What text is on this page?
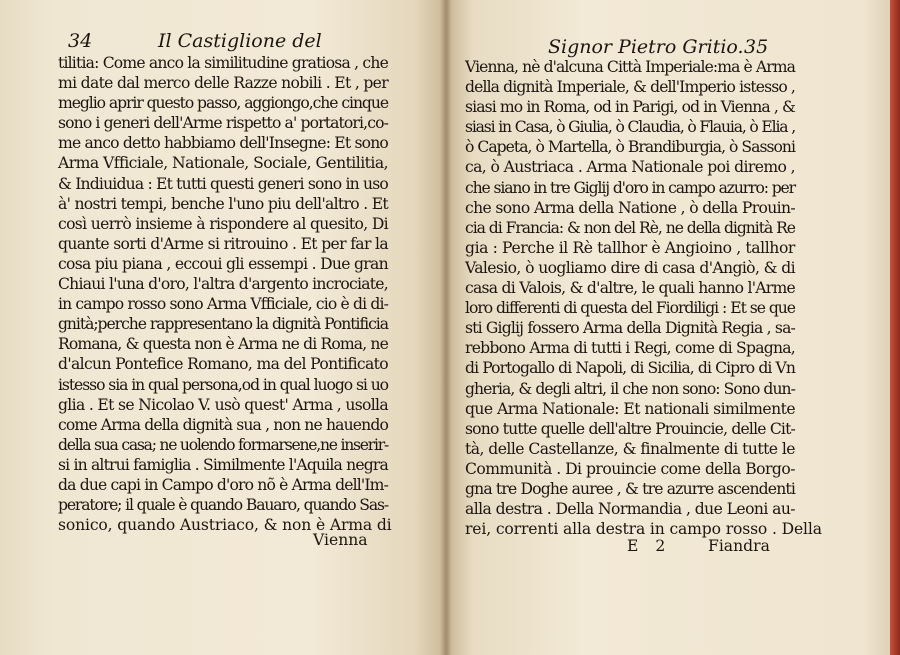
34	Il Castiglione del
tilitia: Come anco la similitudine gratiosa , che
mi date dal merco delle Razze nobili . Et , per
meglio aprir questo passo, aggiongo,che cinque
sono i generi dell'Arme rispetto a' portatori,co-
me anco detto habbiamo dell'Insegne: Et sono
Arma Vfficiale, Nationale, Sociale, Gentilitia,
& Indiuidua : Et tutti questi generi sono in uso
à' nostri tempi, benche l'uno piu dell'altro . Et
così uerrò insieme à rispondere al quesito, Di
quante sorti d'Arme si ritrouino . Et per far la
cosa piu piana , eccoui gli essempi . Due gran
Chiaui l'una d'oro, l'altra d'argento incrociate,
in campo rosso sono Arma Vfficiale, cio è di di-
gnità;perche rappresentano la dignità Pontificia
Romana, & questa non è Arma ne di Roma, ne
d'alcun Pontefice Romano, ma del Pontificato
istesso sia in qual persona,od in qual luogo si uo
glia . Et se Nicolao V. usò quest' Arma , usolla
come Arma della dignità sua , non ne hauendo
della sua casa; ne uolendo formarsene,ne inserir-
si in altrui famiglia . Similmente l'Aquila negra
da due capi in Campo d'oro nõ è Arma dell'Im-
peratore; il quale è quando Bauaro, quando Sas-
sonico, quando Austriaco, & non è Arma di
Vienna
Signor Pietro Gritio. 35
Vienna, nè d'alcuna Città Imperiale:ma è Arma
della dignità Imperiale, & dell'Imperio istesso ,
siasi mo in Roma, od in Parigi, od in Vienna , &
siasi in Casa, ò Giulia, ò Claudia, ò Flauia, ò Elia ,
ò Capeta, ò Martella, ò Brandiburgia, ò Sassoni
ca, ò Austriaca . Arma Nationale poi diremo ,
che siano in tre Giglij d'oro in campo azurro: per
che sono Arma della Natione , ò della Prouin-
cia di Francia: & non del Rè, ne della dignità Re
gia : Perche il Rè tallhor è Angioino , tallhor
Valesio, ò uogliamo dire di casa d'Angiò, & di
casa di Valois, & d'altre, le quali hanno l'Arme
loro differenti di questa del Fiordiligi : Et se que
sti Giglij fossero Arma della Dignità Regia , sa-
rebbono Arma di tutti i Regi, come di Spagna,
di Portogallo di Napoli, di Sicilia, di Cipro di Vn
gheria, & degli altri, il che non sono: Sono dun-
que Arma Nationale: Et nationali similmente
sono tutte quelle dell'altre Prouincie, delle Cit-
tà, delle Castellanze, & finalmente di tutte le
Communità . Di prouincie come della Borgo-
gna tre Doghe auree , & tre azurre ascendenti
alla destra . Della Normandia , due Leoni au-
rei, correnti alla destra in campo rosso . Della
E 2	Fiandra
